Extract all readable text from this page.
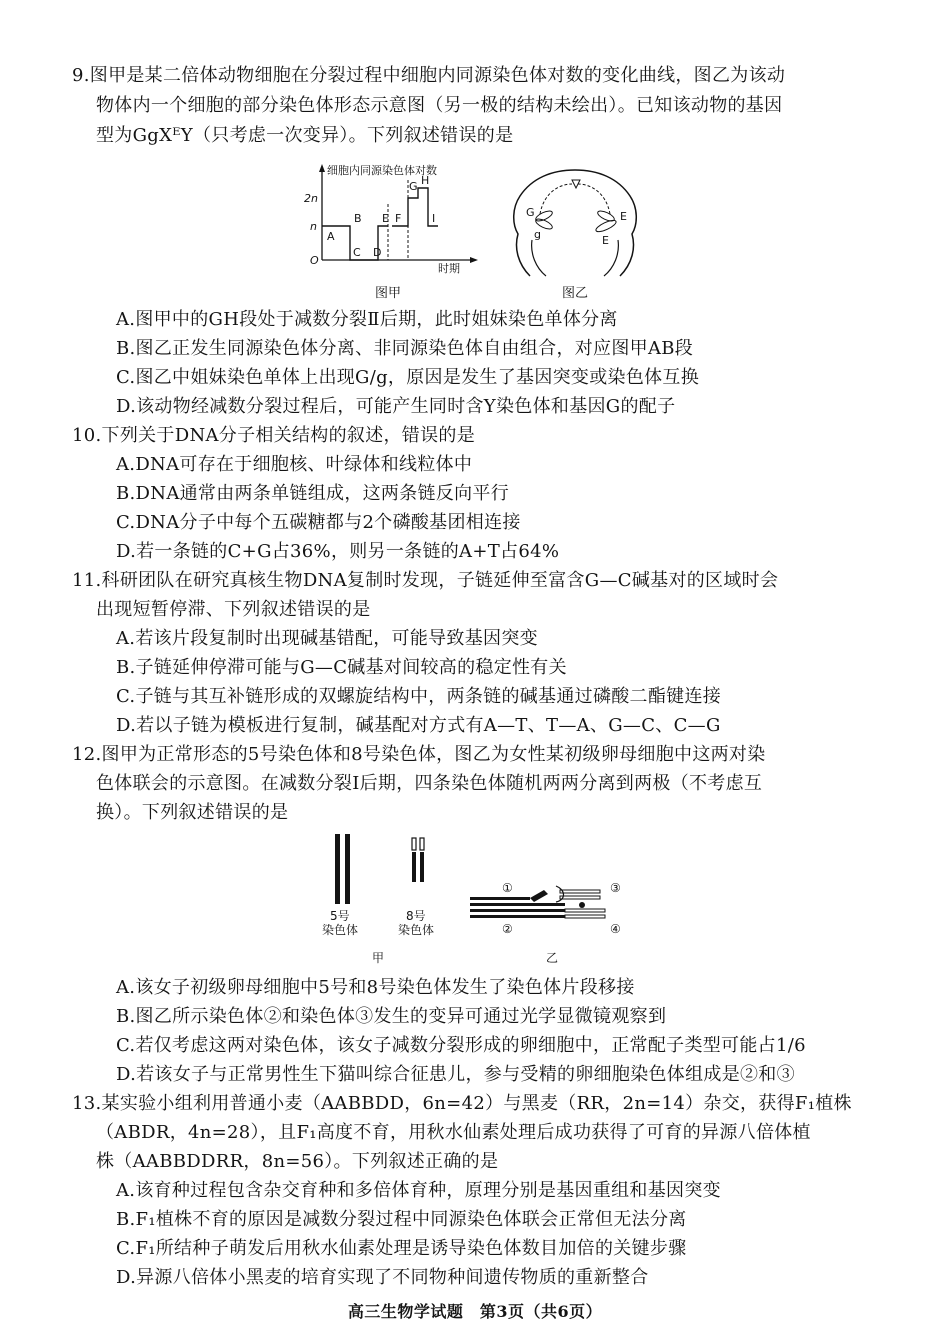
9.图甲是某二倍体动物细胞在分裂过程中细胞内同源染色体对数的变化曲线，图乙为该动
物体内一个细胞的部分染色体形态示意图（另一极的结构未绘出）。已知该动物的基因
型为GgXᴱY（只考虑一次变异）。下列叙述错误的是
细胞内同源染色体对数
时期
2n
n
O
A
B
C D
E F
G H
I	G
g
E
E
图甲	图乙
A.图甲中的GH段处于减数分裂Ⅱ后期，此时姐妹染色单体分离
B.图乙正发生同源染色体分离、非同源染色体自由组合，对应图甲AB段
C.图乙中姐妹染色单体上出现G/g，原因是发生了基因突变或染色体互换
D.该动物经减数分裂过程后，可能产生同时含Y染色体和基因G的配子
10.下列关于DNA分子相关结构的叙述，错误的是
A.DNA可存在于细胞核、叶绿体和线粒体中
B.DNA通常由两条单链组成，这两条链反向平行
C.DNA分子中每个五碳糖都与2个磷酸基团相连接
D.若一条链的C+G占36%，则另一条链的A+T占64%
11.科研团队在研究真核生物DNA复制时发现，子链延伸至富含G—C碱基对的区域时会
出现短暂停滞、下列叙述错误的是
A.若该片段复制时出现碱基错配，可能导致基因突变
B.子链延伸停滞可能与G—C碱基对间较高的稳定性有关
C.子链与其互补链形成的双螺旋结构中，两条链的碱基通过磷酸二酯键连接
D.若以子链为模板进行复制，碱基配对方式有A—T、T—A、G—C、C—G
12.图甲为正常形态的5号染色体和8号染色体，图乙为女性某初级卵母细胞中这两对染
色体联会的示意图。在减数分裂Ⅰ后期，四条染色体随机两两分离到两极（不考虑互
换）。下列叙述错误的是
5号
染色体
8号
染色体
①
②
③
④
甲	乙
A.该女子初级卵母细胞中5号和8号染色体发生了染色体片段移接
B.图乙所示染色体②和染色体③发生的变异可通过光学显微镜观察到
C.若仅考虑这两对染色体，该女子减数分裂形成的卵细胞中，正常配子类型可能占1/6
D.若该女子与正常男性生下猫叫综合征患儿，参与受精的卵细胞染色体组成是②和③
13.某实验小组利用普通小麦（AABBDD，6n=42）与黑麦（RR，2n=14）杂交，获得F₁植株
（ABDR，4n=28），且F₁高度不育，用秋水仙素处理后成功获得了可育的异源八倍体植
株（AABBDDRR，8n=56）。下列叙述正确的是
A.该育种过程包含杂交育种和多倍体育种，原理分别是基因重组和基因突变
B.F₁植株不育的原因是减数分裂过程中同源染色体联会正常但无法分离
C.F₁所结种子萌发后用秋水仙素处理是诱导染色体数目加倍的关键步骤
D.异源八倍体小黑麦的培育实现了不同物种间遗传物质的重新整合
高三生物学试题　第3页（共6页）
